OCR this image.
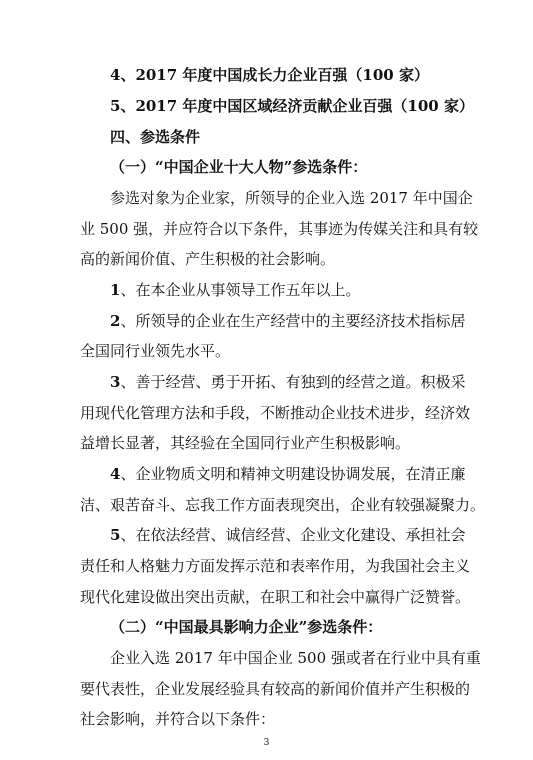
4、2017 年度中国成长力企业百强（100 家）
5、2017 年度中国区域经济贡献企业百强（100 家）
四、参选条件
（一）“中国企业十大人物”参选条件：
参选对象为企业家，所领导的企业入选 2017 年中国企
业 500 强，并应符合以下条件，其事迹为传媒关注和具有较
高的新闻价值、产生积极的社会影响。
1、在本企业从事领导工作五年以上。
2、所领导的企业在生产经营中的主要经济技术指标居
全国同行业领先水平。
3、善于经营、勇于开拓、有独到的经营之道。积极采
用现代化管理方法和手段，不断推动企业技术进步，经济效
益增长显著，其经验在全国同行业产生积极影响。
4、企业物质文明和精神文明建设协调发展，在清正廉
洁、艰苦奋斗、忘我工作方面表现突出，企业有较强凝聚力。
5、在依法经营、诚信经营、企业文化建设、承担社会
责任和人格魅力方面发挥示范和表率作用，为我国社会主义
现代化建设做出突出贡献，在职工和社会中赢得广泛赞誉。
（二）“中国最具影响力企业”参选条件：
企业入选 2017 年中国企业 500 强或者在行业中具有重
要代表性，企业发展经验具有较高的新闻价值并产生积极的
3
社会影响，并符合以下条件：
